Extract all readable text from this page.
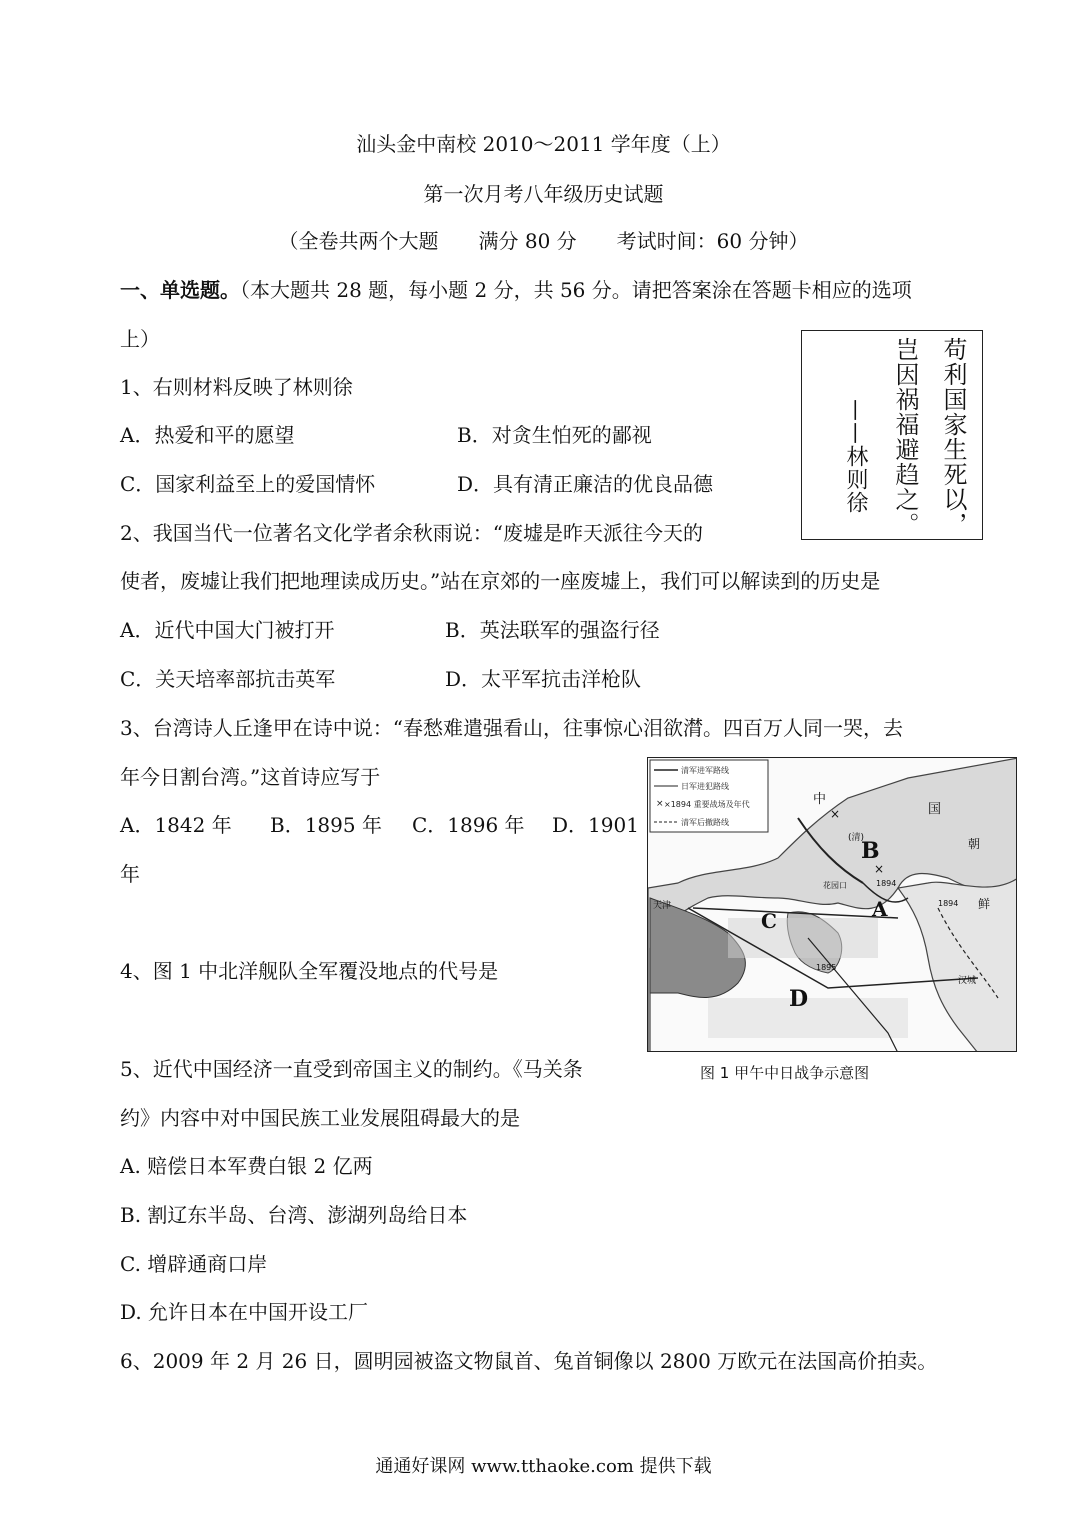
汕头金中南校 2010～2011 学年度（上）
第一次月考八年级历史试题
（全卷共两个大题　　满分 80 分　　考试时间：60 分钟）
一、单选题。（本大题共 28 题，每小题 2 分，共 56 分。请把答案涂在答题卡相应的选项
上）
1、右则材料反映了林则徐
A．热爱和平的愿望	B．对贪生怕死的鄙视
C．国家利益至上的爱国情怀	D．具有清正廉洁的优良品德	苟利国家生死以，
岂因祸福避趋之。
——林则徐
2、我国当代一位著名文化学者余秋雨说：“废墟是昨天派往今天的
使者，废墟让我们把地理读成历史。”站在京郊的一座废墟上，我们可以解读到的历史是
A．近代中国大门被打开	B．英法联军的强盗行径
C．关天培率部抗击英军	D．太平军抗击洋枪队
3、台湾诗人丘逢甲在诗中说：“春愁难遣强看山，往事惊心泪欲潸。四百万人同一哭，去
年今日割台湾。”这首诗应写于
A．1842 年 B．1895 年 C．1896 年 D．1901
年
4、图 1 中北洋舰队全军覆没地点的代号是
×
清军进军路线
日军进犯路线
×1894 重要战场及年代
清军后撤路线
中
国
(清)	朝
鲜
B
A
C
D
1894
1894
1895
天津
汉城
花园口
×
×
图 1 甲午中日战争示意图
5、近代中国经济一直受到帝国主义的制约。《马关条
约》内容中对中国民族工业发展阻碍最大的是
A. 赔偿日本军费白银 2 亿两
B. 割辽东半岛、台湾、澎湖列岛给日本
C. 增辟通商口岸
D. 允许日本在中国开设工厂
6、2009 年 2 月 26 日，圆明园被盗文物鼠首、兔首铜像以 2800 万欧元在法国高价拍卖。
通通好课网 www.tthaoke.com 提供下载
